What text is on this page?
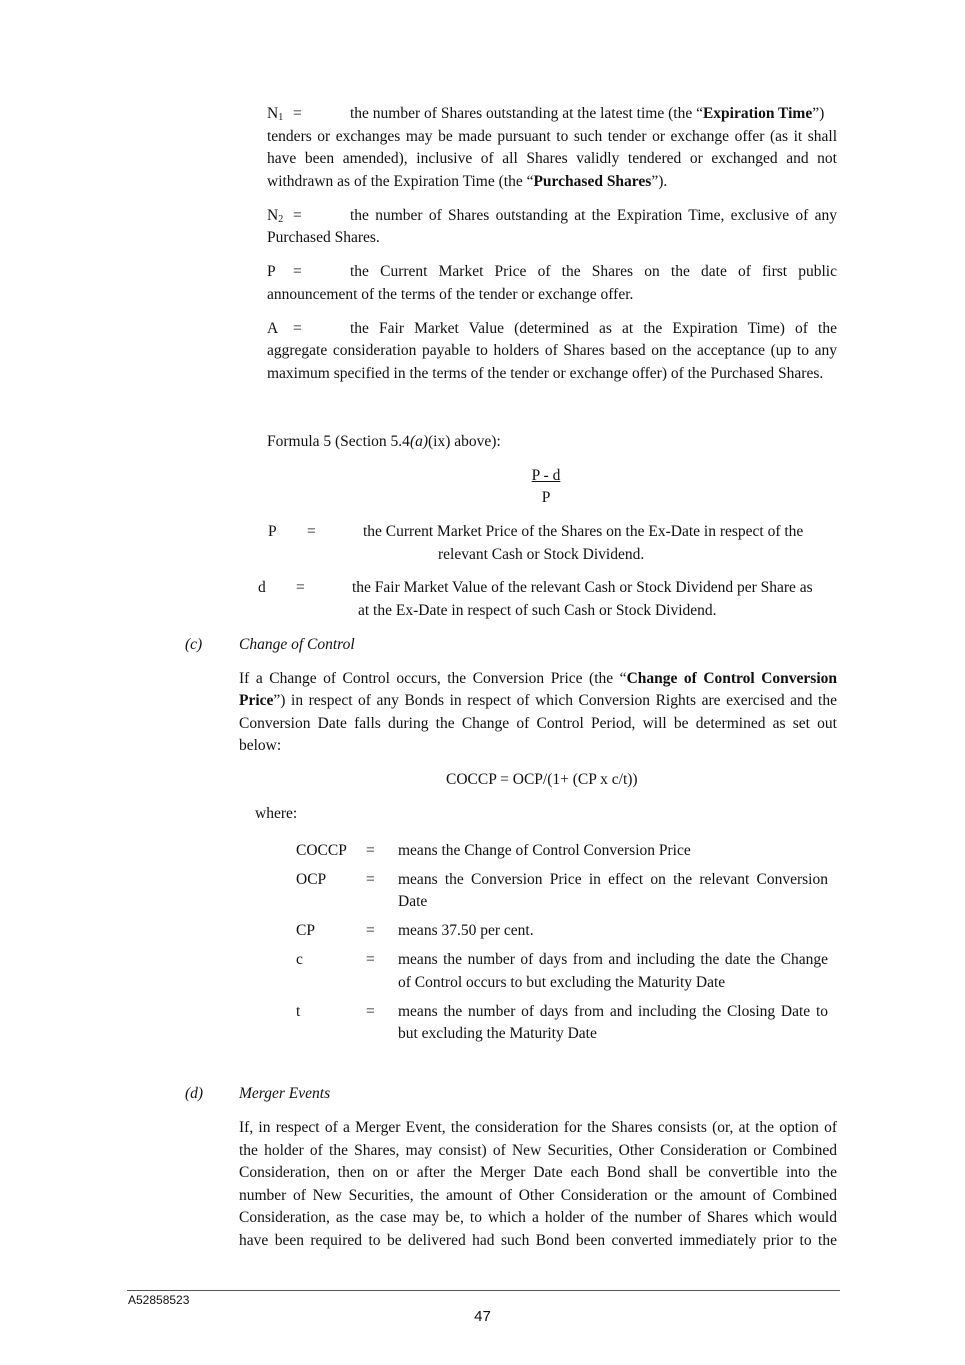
$N_1$ =	the number of Shares outstanding at the latest time (the “Expiration Time”)
tenders or exchanges may be made pursuant to such tender or exchange offer (as it shall
have been amended), inclusive of all Shares validly tendered or exchanged and not
withdrawn as of the Expiration Time (the “Purchased Shares”).
$N_2$ =	the number of Shares outstanding at the Expiration Time, exclusive of any
Purchased Shares.
P =	the Current Market Price of the Shares on the date of first public
announcement of the terms of the tender or exchange offer.
A =	the Fair Market Value (determined as at the Expiration Time) of the
aggregate consideration payable to holders of Shares based on the acceptance (up to any
maximum specified in the terms of the tender or exchange offer) of the Purchased Shares.
Formula 5 (Section 5.4(a)(ix) above):
P - d
P
P =	the Current Market Price of the Shares on the Ex-Date in respect of the
relevant Cash or Stock Dividend.
d =	the Fair Market Value of the relevant Cash or Stock Dividend per Share as
at the Ex-Date in respect of such Cash or Stock Dividend.
(c) Change of Control
If a Change of Control occurs, the Conversion Price (the “Change of Control Conversion
Price”) in respect of any Bonds in respect of which Conversion Rights are exercised and the
Conversion Date falls during the Change of Control Period, will be determined as set out
below:
COCCP = OCP/(1+ (CP x c/t))
where:
COCCP = means the Change of Control Conversion Price
OCP	= means the Conversion Price in effect on the relevant Conversion
Date
CP	= means 37.50 per cent.
c	= means the number of days from and including the date the Change
of Control occurs to but excluding the Maturity Date
t	= means the number of days from and including the Closing Date to
but excluding the Maturity Date
(d) Merger Events
If, in respect of a Merger Event, the consideration for the Shares consists (or, at the option of
the holder of the Shares, may consist) of New Securities, Other Consideration or Combined
Consideration, then on or after the Merger Date each Bond shall be convertible into the
number of New Securities, the amount of Other Consideration or the amount of Combined
Consideration, as the case may be, to which a holder of the number of Shares which would
have been required to be delivered had such Bond been converted immediately prior to the
A52858523
47
